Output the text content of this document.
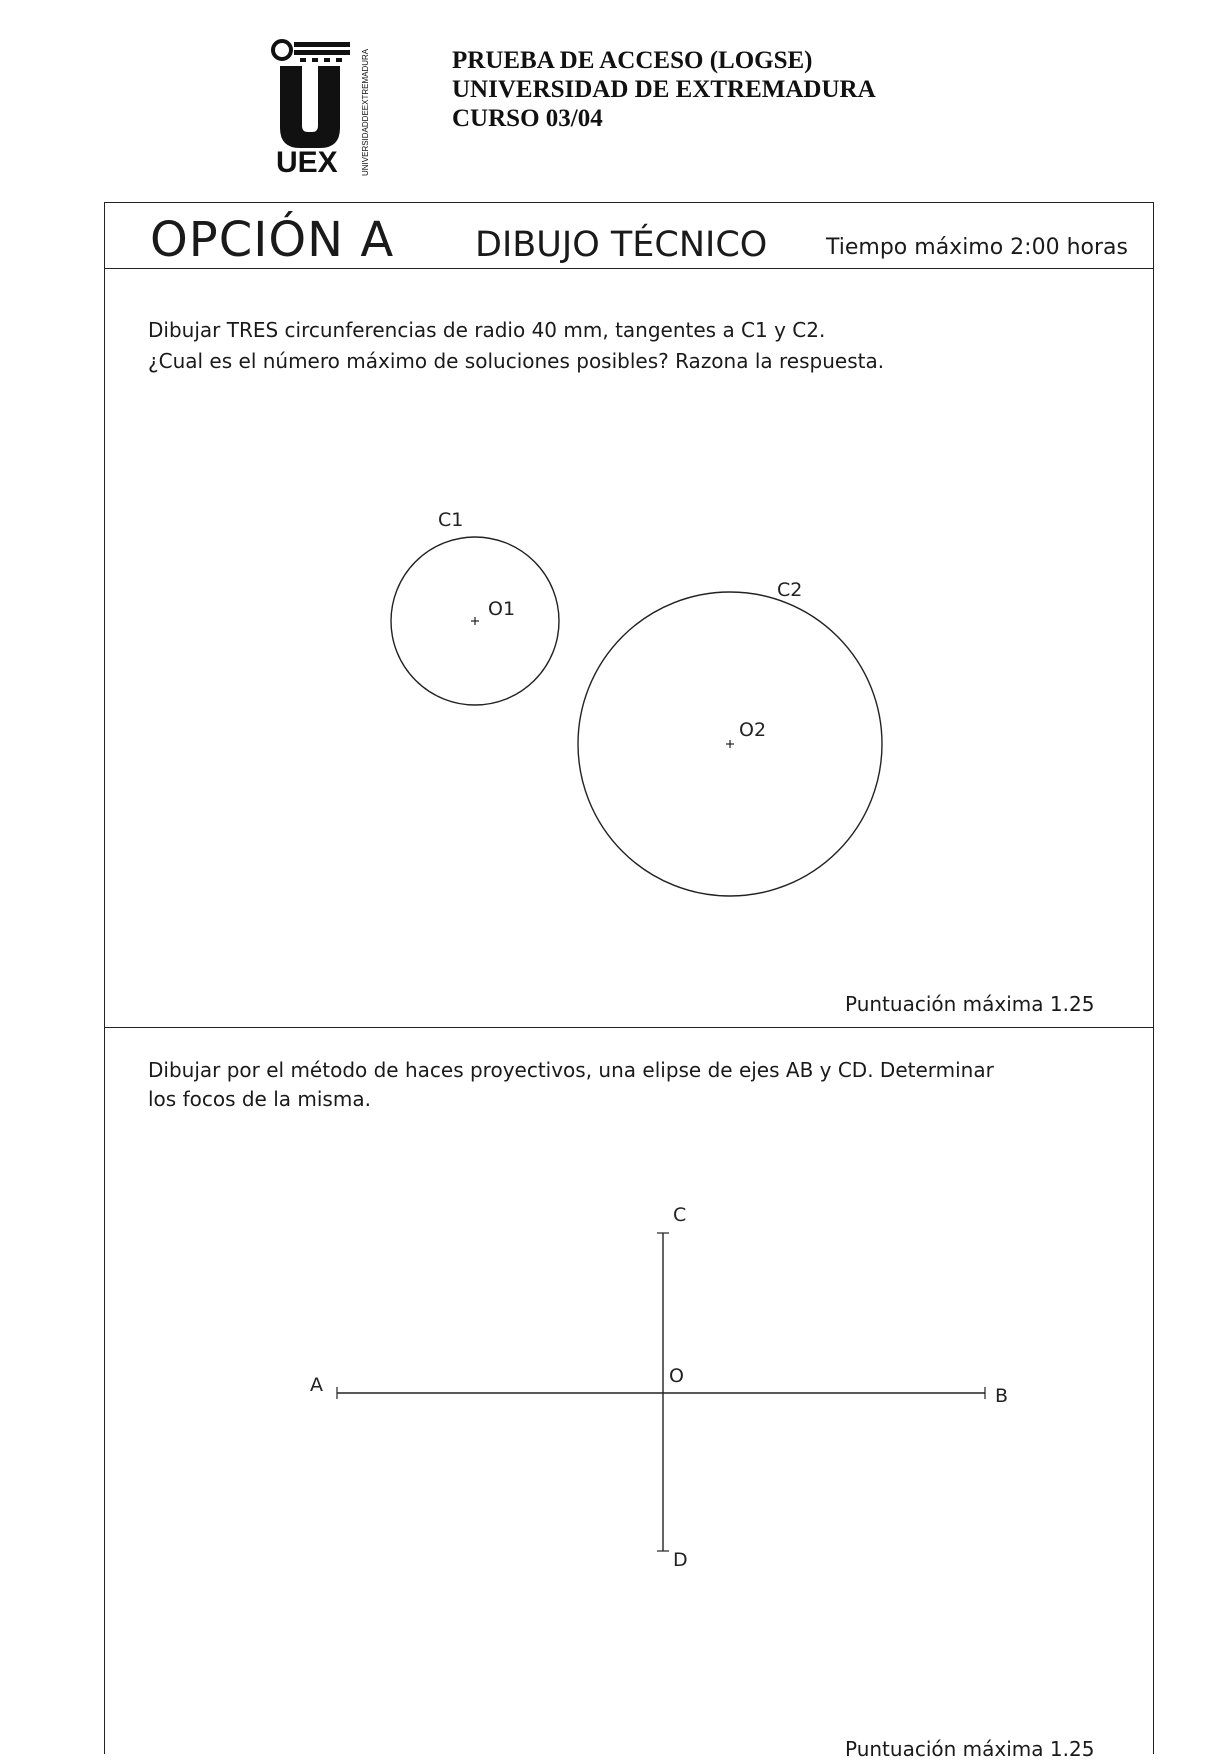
UEX	UNIVERSIDADDEEXTREMADURA	PRUEBA DE ACCESO (LOGSE)
UNIVERSIDAD DE EXTREMADURA
CURSO 03/04
OPCIÓN A DIBUJO TÉCNICO	Tiempo máximo 2:00 horas
Dibujar TRES circunferencias de radio 40 mm, tangentes a C1 y C2.
¿Cual es el número máximo de soluciones posibles? Razona la respuesta.
Puntuación máxima 1.25
Dibujar por el método de haces proyectivos, una elipse de ejes AB y CD. Determinar
los focos de la misma.
Puntuación máxima 1.25
C1
O1
C2
O2
A	B
C
D
O
